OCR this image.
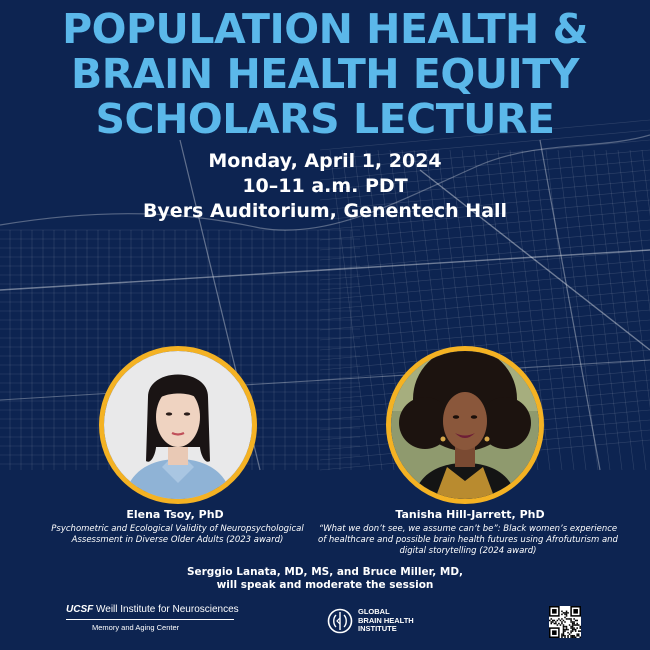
POPULATION HEALTH &
BRAIN HEALTH EQUITY
SCHOLARS LECTURE
Monday, April 1, 2024
10–11 a.m. PDT
Byers Auditorium, Genentech Hall
Elena Tsoy, PhD
Psychometric and Ecological Validity of Neuropsychological Assessment in Diverse Older Adults (2023 award)
Tanisha Hill-Jarrett, PhD
“What we don’t see, we assume can’t be”: Black women’s experience of healthcare and possible brain health futures using Afrofuturism and digital storytelling (2024 award)
Serggio Lanata, MD, MS, and Bruce Miller, MD,
will speak and moderate the session
UCSF Weill Institute for Neurosciences
Memory and Aging Center
GLOBAL
BRAIN HEALTH
INSTITUTE
